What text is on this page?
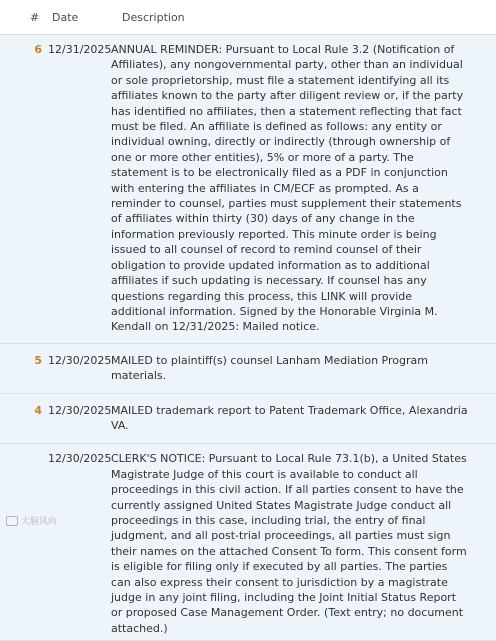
#	Date	Description
6 12/31/2025 ANNUAL REMINDER: Pursuant to Local Rule 3.2 (Notification of Affiliates), any nongovernmental party, other than an individual or sole proprietorship, must file a statement identifying all its affiliates known to the party after diligent review or, if the party has identified no affiliates, then a statement reflecting that fact must be filed. An affiliate is defined as follows: any entity or individual owning, directly or indirectly (through ownership of one or more other entities), 5% or more of a party. The statement is to be electronically filed as a PDF in conjunction with entering the affiliates in CM/ECF as prompted. As a reminder to counsel, parties must supplement their statements of affiliates within thirty (30) days of any change in the information previously reported. This minute order is being issued to all counsel of record to remind counsel of their obligation to provide updated information as to additional affiliates if such updating is necessary. If counsel has any questions regarding this process, this LINK will provide additional information. Signed by the Honorable Virginia M. Kendall on 12/31/2025: Mailed notice.
5 12/30/2025 MAILED to plaintiff(s) counsel Lanham Mediation Program materials.
4 12/30/2025 MAILED trademark report to Patent Trademark Office, Alexandria VA.
12/30/2025 CLERK'S NOTICE: Pursuant to Local Rule 73.1(b), a United States Magistrate Judge of this court is available to conduct all proceedings in this civil action. If all parties consent to have the currently assigned United States Magistrate Judge conduct all proceedings in this case, including trial, the entry of final judgment, and all post-trial proceedings, all parties must sign their names on the attached Consent To form. This consent form is eligible for filing only if executed by all parties. The parties can also express their consent to jurisdiction by a magistrate judge in any joint filing, including the Joint Initial Status Report or proposed Case Management Order. (Text entry; no document attached.)
大脑风向
